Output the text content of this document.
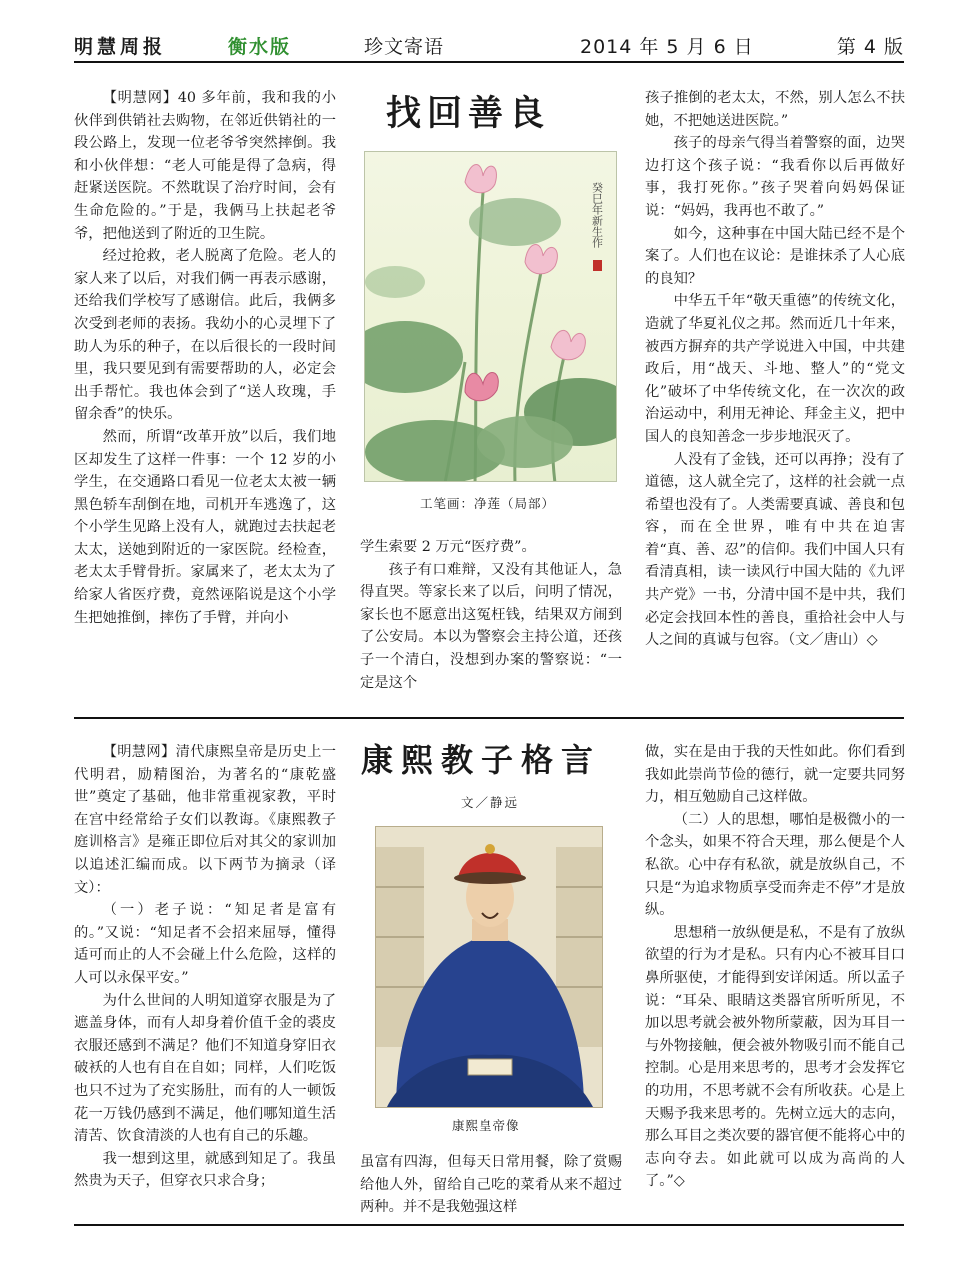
明慧周报	衡水版	珍文寄语	2014 年 5 月 6 日	第 4 版

【明慧网】40 多年前，我和我的小伙伴到供销社去购物，在邻近供销社的一段公路上，发现一位老爷爷突然摔倒。我和小伙伴想：“老人可能是得了急病，得赶紧送医院。不然耽误了治疗时间，会有生命危险的。”于是，我俩马上扶起老爷爷，把他送到了附近的卫生院。

经过抢救，老人脱离了危险。老人的家人来了以后，对我们俩一再表示感谢，还给我们学校写了感谢信。此后，我俩多次受到老师的表扬。我幼小的心灵埋下了助人为乐的种子，在以后很长的一段时间里，我只要见到有需要帮助的人，必定会出手帮忙。我也体会到了“送人玫瑰，手留余香”的快乐。

然而，所谓“改革开放”以后，我们地区却发生了这样一件事：一个 12 岁的小学生，在交通路口看见一位老太太被一辆黑色轿车刮倒在地，司机开车逃逸了，这个小学生见路上没有人，就跑过去扶起老太太，送她到附近的一家医院。经检查，老太太手臂骨折。家属来了，老太太为了给家人省医疗费，竟然诬陷说是这个小学生把她推倒，摔伤了手臂，并向小

找回善良
癸巳年新生作
工笔画：净莲（局部）

学生索要 2 万元“医疗费”。

孩子有口难辩，又没有其他证人，急得直哭。等家长来了以后，问明了情况，家长也不愿意出这冤枉钱，结果双方闹到了公安局。本以为警察会主持公道，还孩子一个清白，没想到办案的警察说：“一定是这个

孩子推倒的老太太，不然，别人怎么不扶她，不把她送进医院。”

孩子的母亲气得当着警察的面，边哭边打这个孩子说：“我看你以后再做好事，我打死你。”孩子哭着向妈妈保证说：“妈妈，我再也不敢了。”

如今，这种事在中国大陆已经不是个案了。人们也在议论：是谁抹杀了人心底的良知？

中华五千年“敬天重德”的传统文化，造就了华夏礼仪之邦。然而近几十年来，被西方摒弃的共产学说进入中国，中共建政后，用“战天、斗地、整人”的“党文化”破坏了中华传统文化，在一次次的政治运动中，利用无神论、拜金主义，把中国人的良知善念一步步地泯灭了。

人没有了金钱，还可以再挣；没有了道德，这人就全完了，这样的社会就一点希望也没有了。人类需要真诚、善良和包容，而在全世界，唯有中共在迫害着“真、善、忍”的信仰。我们中国人只有看清真相，读一读风行中国大陆的《九评共产党》一书，分清中国不是中共，我们必定会找回本性的善良，重拾社会中人与人之间的真诚与包容。（文／唐山）◇

【明慧网】清代康熙皇帝是历史上一代明君，励精图治，为著名的“康乾盛世”奠定了基础，他非常重视家教，平时在宫中经常给子女们以教诲。《康熙教子庭训格言》是雍正即位后对其父的家训加以追述汇编而成。以下两节为摘录（译文）：

（一）老子说：“知足者是富有的。”又说：“知足者不会招来屈辱，懂得适可而止的人不会碰上什么危险，这样的人可以永保平安。”

为什么世间的人明知道穿衣服是为了遮盖身体，而有人却身着价值千金的裘皮衣服还感到不满足？他们不知道身穿旧衣破袄的人也有自在自如；同样，人们吃饭也只不过为了充实肠肚，而有的人一顿饭花一万钱仍感到不满足，他们哪知道生活清苦、饮食清淡的人也有自己的乐趣。

我一想到这里，就感到知足了。我虽然贵为天子，但穿衣只求合身；

康熙教子格言
文／静远
康熙皇帝像

虽富有四海，但每天日常用餐，除了赏赐给他人外，留给自己吃的菜肴从来不超过两种。并不是我勉强这样

做，实在是由于我的天性如此。你们看到我如此崇尚节俭的德行，就一定要共同努力，相互勉励自己这样做。

（二）人的思想，哪怕是极微小的一个念头，如果不符合天理，那么便是个人私欲。心中存有私欲，就是放纵自己，不只是“为追求物质享受而奔走不停”才是放纵。

思想稍一放纵便是私，不是有了放纵欲望的行为才是私。只有内心不被耳目口鼻所驱使，才能得到安详闲适。所以孟子说：“耳朵、眼睛这类器官所听所见，不加以思考就会被外物所蒙蔽，因为耳目一与外物接触，便会被外物吸引而不能自己控制。心是用来思考的，思考才会发挥它的功用，不思考就不会有所收获。心是上天赐予我来思考的。先树立远大的志向，那么耳目之类次要的器官便不能将心中的志向夺去。如此就可以成为高尚的人了。”◇
